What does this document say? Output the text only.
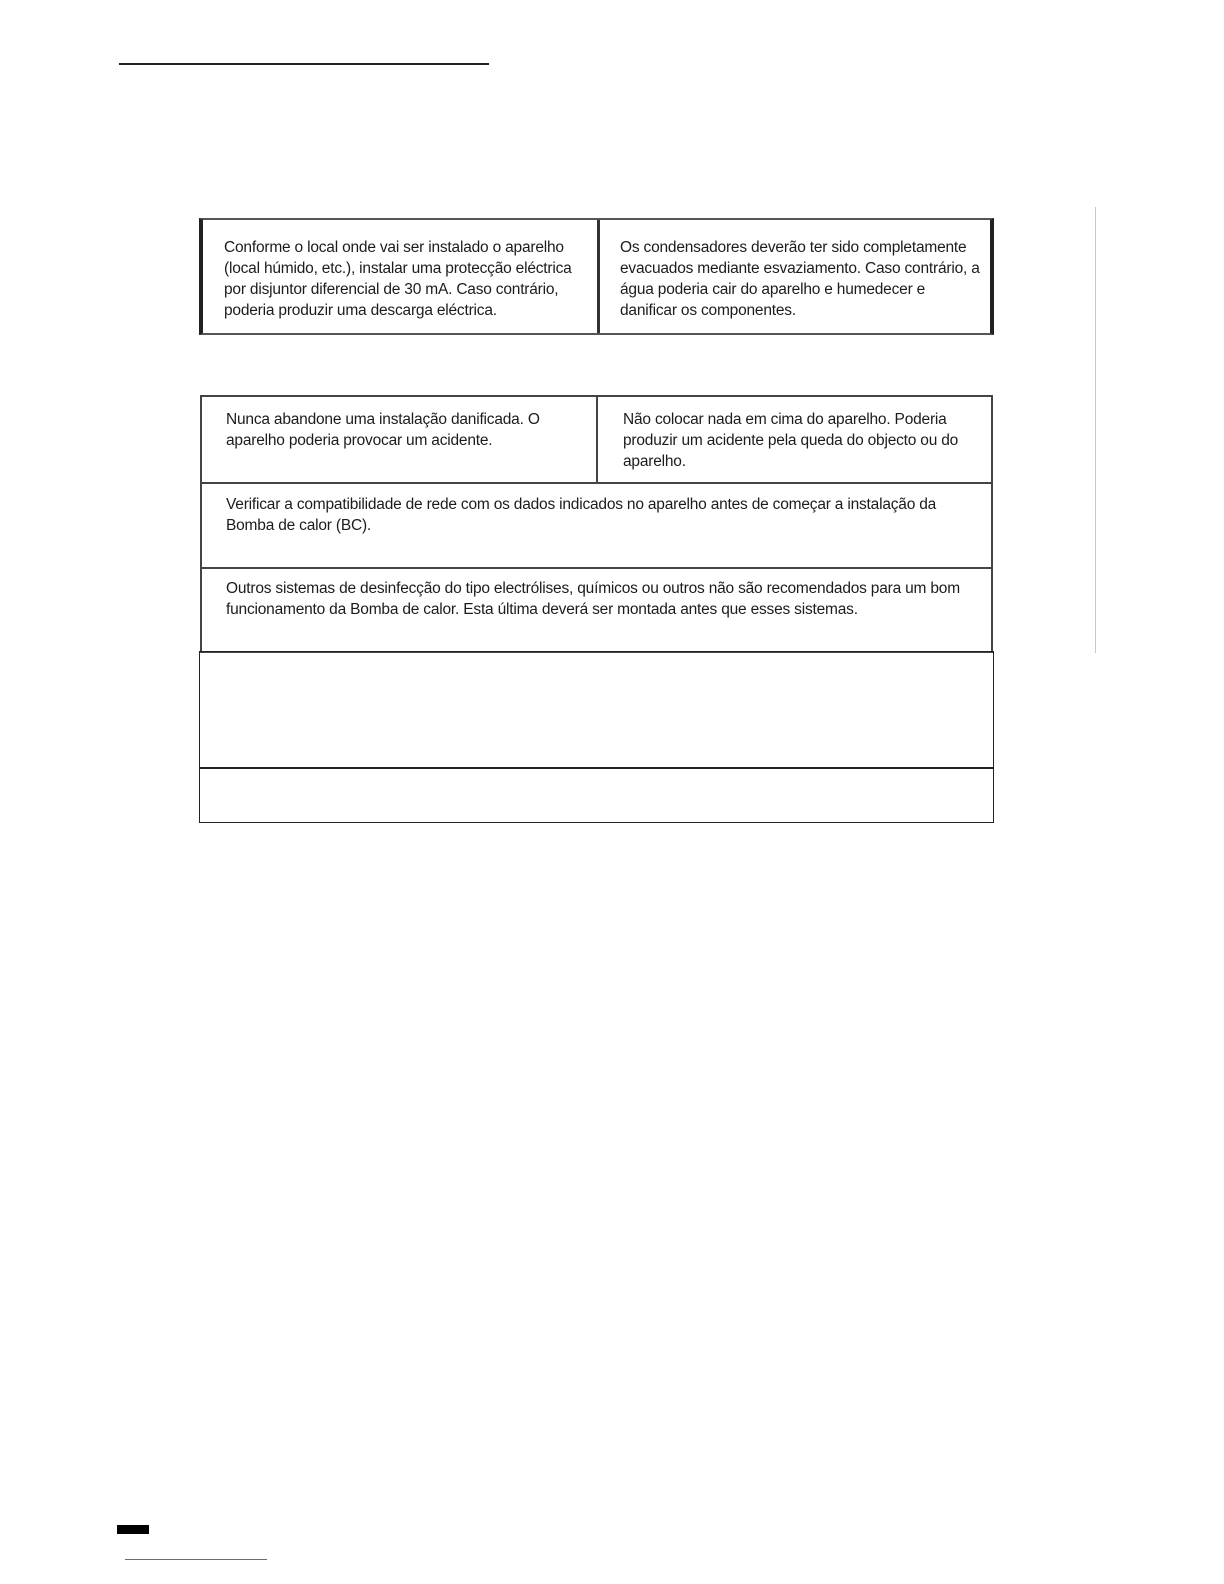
Conforme o local onde vai ser instalado o aparelho (local húmido, etc.), instalar uma protecção eléctrica por disjuntor diferencial de 30 mA. Caso contrário, poderia produzir uma descarga eléctrica.
Os condensadores deverão ter sido completamente evacuados mediante esvaziamento. Caso contrário, a água poderia cair do aparelho e humedecer e danificar os componentes.
Nunca abandone uma instalação danificada. O aparelho poderia provocar um acidente.
Não colocar nada em cima do aparelho. Poderia produzir um acidente pela queda do objecto ou do aparelho.
Verificar a compatibilidade de rede com os dados indicados no aparelho antes de começar a instalação da Bomba de calor (BC).
Outros sistemas de desinfecção do tipo electrólises, químicos ou outros não são recomendados para um bom funcionamento da Bomba de calor. Esta última deverá ser montada antes que esses sistemas.
